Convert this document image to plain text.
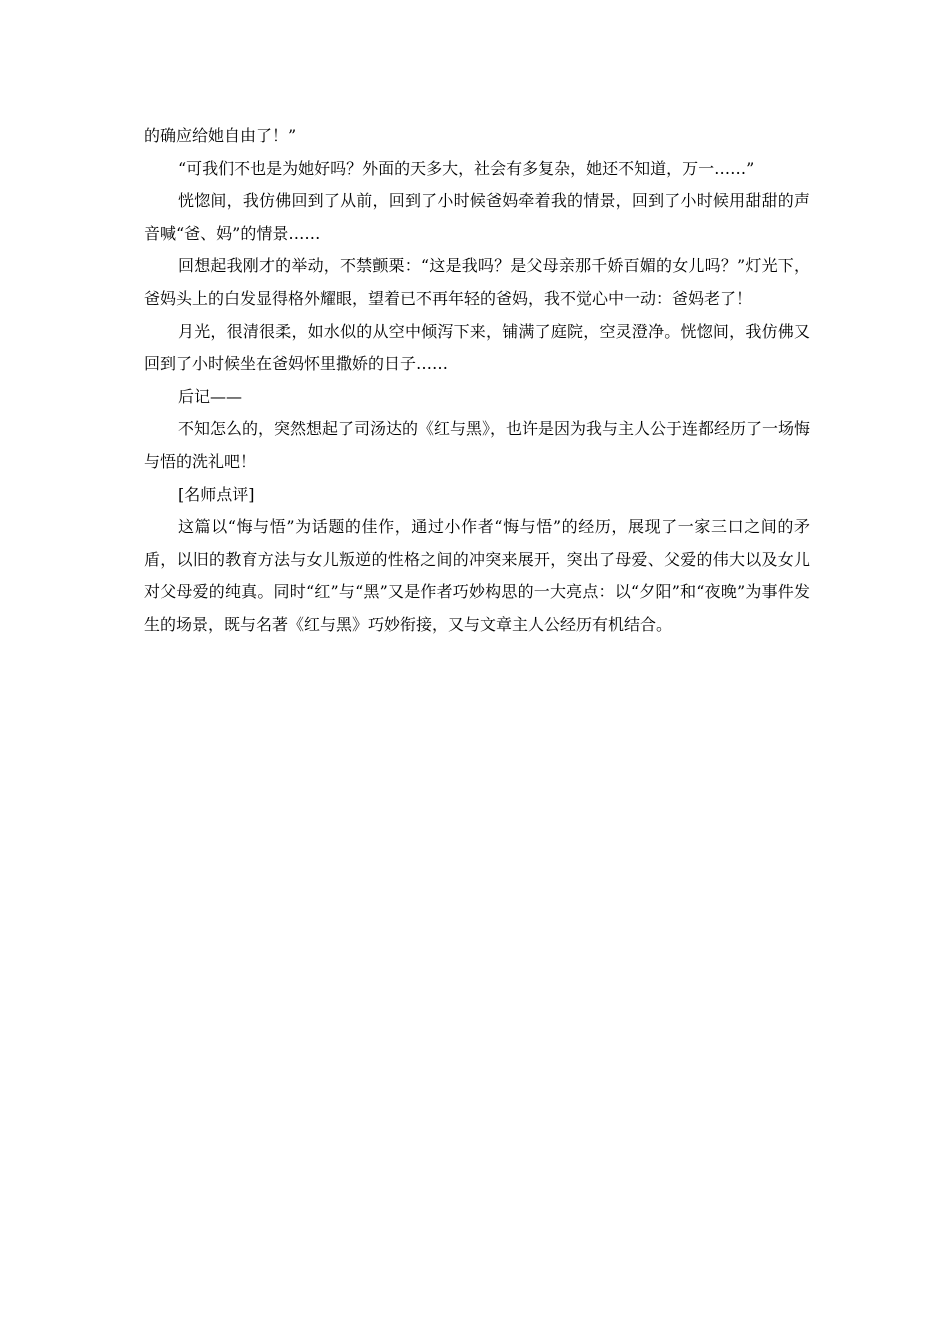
的确应给她自由了！”

“可我们不也是为她好吗？外面的天多大，社会有多复杂，她还不知道，万一……”

恍惚间，我仿佛回到了从前，回到了小时候爸妈牵着我的情景，回到了小时候用甜甜的声音喊“爸、妈”的情景……

回想起我刚才的举动，不禁颤栗：“这是我吗？是父母亲那千娇百媚的女儿吗？”灯光下，爸妈头上的白发显得格外耀眼，望着已不再年轻的爸妈，我不觉心中一动：爸妈老了！

月光，很清很柔，如水似的从空中倾泻下来，铺满了庭院，空灵澄净。恍惚间，我仿佛又回到了小时候坐在爸妈怀里撒娇的日子……

后记——

不知怎么的，突然想起了司汤达的《红与黑》，也许是因为我与主人公于连都经历了一场悔与悟的洗礼吧！

[名师点评]

这篇以“悔与悟”为话题的佳作，通过小作者“悔与悟”的经历，展现了一家三口之间的矛盾，以旧的教育方法与女儿叛逆的性格之间的冲突来展开，突出了母爱、父爱的伟大以及女儿对父母爱的纯真。同时“红”与“黑”又是作者巧妙构思的一大亮点：以“夕阳”和“夜晚”为事件发生的场景，既与名著《红与黑》巧妙衔接，又与文章主人公经历有机结合。
